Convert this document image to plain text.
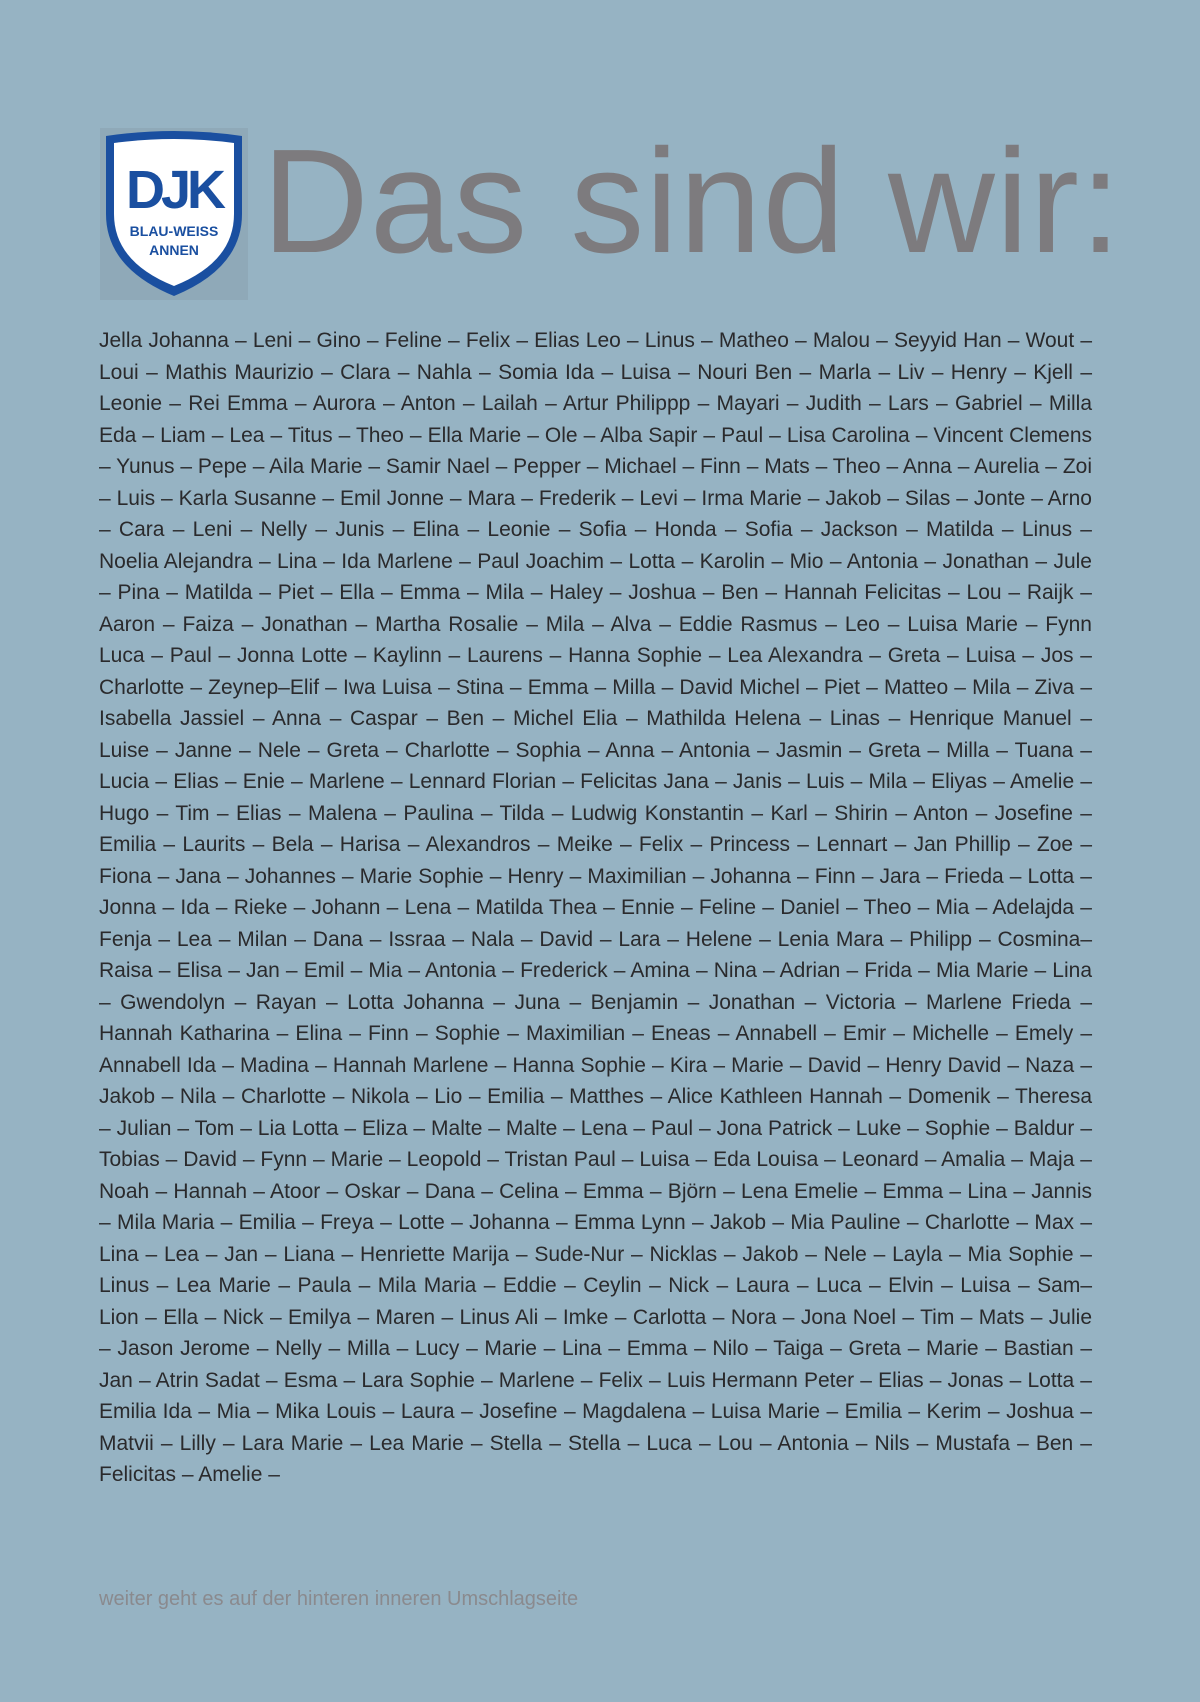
DJK
BLAU-WEISS
ANNEN Das sind wir:

Jella Johanna – Leni – Gino – Feline – Felix – Elias Leo – Linus – Matheo – Malou – Seyyid Han – Wout – Loui – Mathis Maurizio – Clara – Nahla – Somia Ida – Luisa – Nouri Ben – Marla – Liv – Henry – Kjell – Leonie – Rei Emma – Aurora – Anton – Lailah – Artur Philippp – Mayari – Judith – Lars – Gabriel – Milla Eda – Liam – Lea – Titus – Theo – Ella Marie – Ole – Alba Sapir – Paul – Lisa Carolina – Vincent Clemens – Yunus – Pepe – Aila Marie – Samir Nael – Pepper – Michael – Finn – Mats – Theo – Anna – Aurelia – Zoi – Luis – Karla Susanne – Emil Jonne – Mara – Frederik – Levi – Irma Marie – Jakob – Silas – Jonte – Arno – Cara – Leni – Nelly – Junis – Elina – Leonie – Sofia – Honda – Sofia – Jackson – Matilda – Linus – Noelia Alejandra – Lina – Ida Marlene – Paul Joachim – Lotta – Karolin – Mio – Antonia – Jonathan – Jule – Pina – Matilda – Piet – Ella – Emma – Mila – Haley – Joshua – Ben – Hannah Felicitas – Lou – Raijk – Aaron – Faiza – Jonathan – Martha Rosalie – Mila – Alva – Eddie Rasmus – Leo – Luisa Marie – Fynn Luca – Paul – Jonna Lotte – Kaylinn – Laurens – Hanna Sophie – Lea Alexandra – Greta – Luisa – Jos – Charlotte – Zeynep–Elif – Iwa Luisa – Stina – Emma – Milla – David Michel – Piet – Matteo – Mila – Ziva – Isabella Jassiel – Anna – Caspar – Ben – Michel Elia – Mathilda Helena – Linas – Henrique Manuel – Luise – Janne – Nele – Greta – Charlotte – Sophia – Anna – Antonia – Jasmin – Greta – Milla – Tuana – Lucia – Elias – Enie – Marlene – Lennard Florian – Felicitas Jana – Janis – Luis – Mila – Eliyas – Amelie – Hugo – Tim – Elias – Malena – Paulina – Tilda – Ludwig Konstantin – Karl – Shirin – Anton – Josefine – Emilia – Laurits – Bela – Harisa – Alexandros – Meike – Felix – Princess – Lennart – Jan Phillip – Zoe – Fiona – Jana – Johannes – Marie Sophie – Henry – Maximilian – Johanna – Finn – Jara – Frieda – Lotta – Jonna – Ida – Rieke – Johann – Lena – Matilda Thea – Ennie – Feline – Daniel – Theo – Mia – Adelajda – Fenja – Lea – Milan – Dana – Issraa – Nala – David – Lara – Helene – Lenia Mara – Philipp – Cosmina–Raisa – Elisa – Jan – Emil – Mia – Antonia – Frederick – Amina – Nina – Adrian – Frida – Mia Marie – Lina – Gwendolyn – Rayan – Lotta Johanna – Juna – Benjamin – Jonathan – Victoria – Marlene Frieda – Hannah Katharina – Elina – Finn – Sophie – Maximilian – Eneas – Annabell – Emir – Michelle – Emely – Annabell Ida – Madina – Hannah Marlene – Hanna Sophie – Kira – Marie – David – Henry David – Naza – Jakob – Nila – Charlotte – Nikola – Lio – Emilia – Matthes – Alice Kathleen Hannah – Domenik – Theresa – Julian – Tom – Lia Lotta – Eliza – Malte – Malte – Lena – Paul – Jona Patrick – Luke – Sophie – Baldur – Tobias – David – Fynn – Marie – Leopold – Tristan Paul – Luisa – Eda Louisa – Leonard – Amalia – Maja – Noah – Hannah – Atoor – Oskar – Dana – Celina – Emma – Björn – Lena Emelie – Emma – Lina – Jannis – Mila Maria – Emilia – Freya – Lotte – Johanna – Emma Lynn – Jakob – Mia Pauline – Charlotte – Max – Lina – Lea – Jan – Liana – Henriette Marija – Sude-Nur – Nicklas – Jakob – Nele – Layla – Mia Sophie – Linus – Lea Marie – Paula – Mila Maria – Eddie – Ceylin – Nick – Laura – Luca – Elvin – Luisa – Sam–Lion – Ella – Nick – Emilya – Maren – Linus Ali – Imke – Carlotta – Nora – Jona Noel – Tim – Mats – Julie – Jason Jerome – Nelly – Milla – Lucy – Marie – Lina – Emma – Nilo – Taiga – Greta – Marie – Bastian – Jan – Atrin Sadat – Esma – Lara Sophie – Marlene – Felix – Luis Hermann Peter – Elias – Jonas – Lotta – Emilia Ida – Mia – Mika Louis – Laura – Josefine – Magdalena – Luisa Marie – Emilia – Kerim – Joshua – Matvii – Lilly – Lara Marie – Lea Marie – Stella – Stella – Luca – Lou – Antonia – Nils – Mustafa – Ben – Felicitas – Amelie –

weiter geht es auf der hinteren inneren Umschlagseite
